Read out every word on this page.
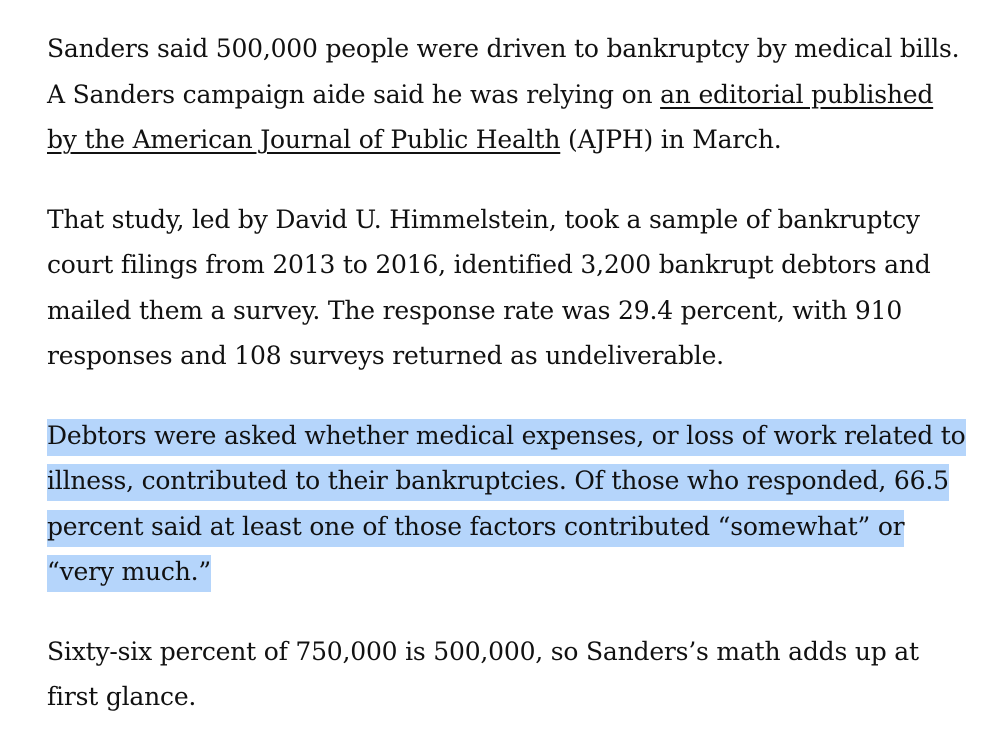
Sanders said 500,000 people were driven to bankruptcy by medical bills. A Sanders campaign aide said he was relying on an editorial published by the American Journal of Public Health (AJPH) in March.

That study, led by David U. Himmelstein, took a sample of bankruptcy court filings from 2013 to 2016, identified 3,200 bankrupt debtors and mailed them a survey. The response rate was 29.4 percent, with 910 responses and 108 surveys returned as undeliverable.

Debtors were asked whether medical expenses, or loss of work related to illness, contributed to their bankruptcies. Of those who responded, 66.5 percent said at least one of those factors contributed “somewhat” or “very much.”

Sixty-six percent of 750,000 is 500,000, so Sanders’s math adds up at first glance.
